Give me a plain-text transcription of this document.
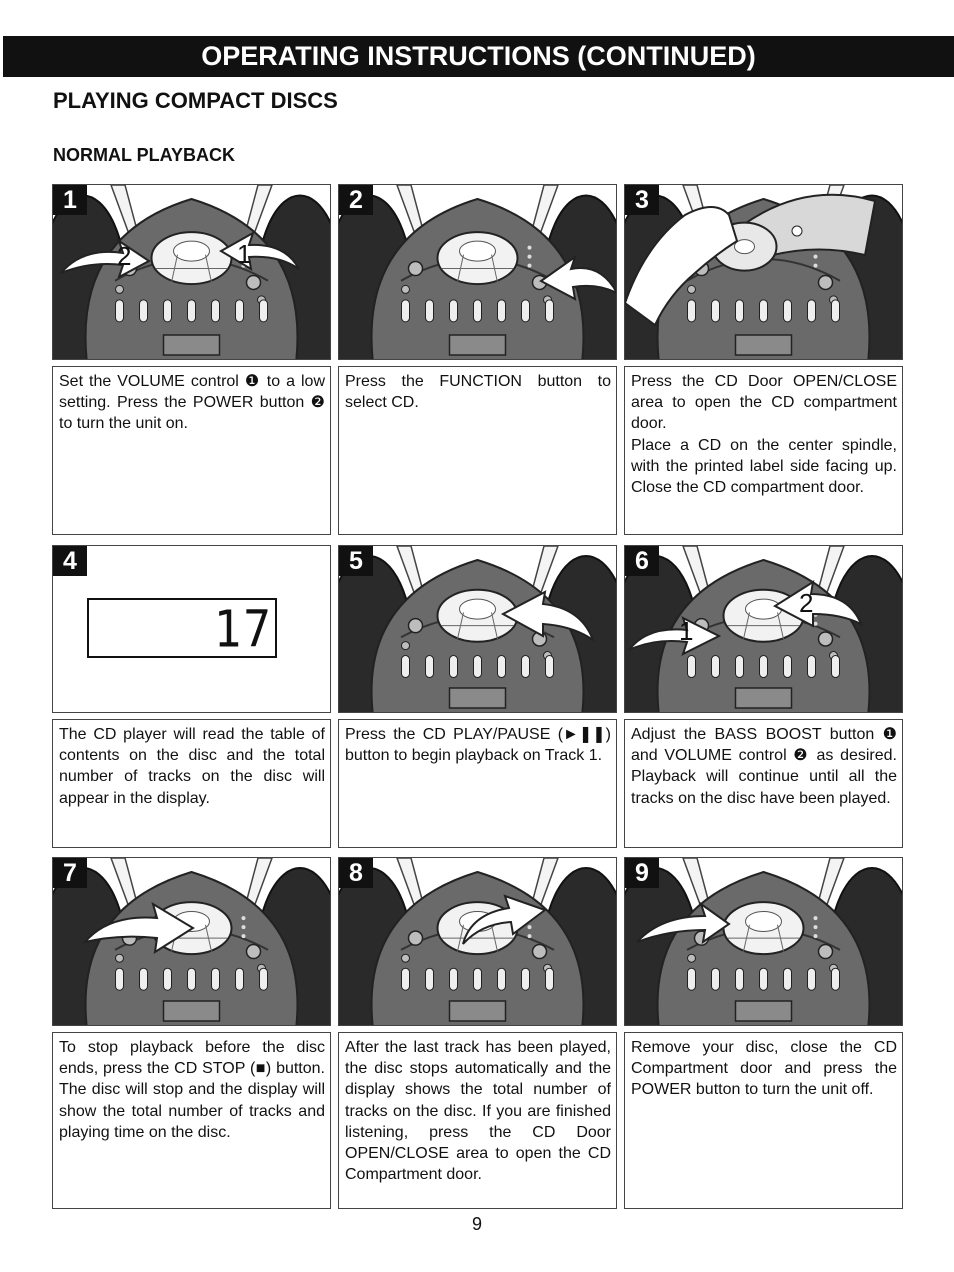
OPERATING INSTRUCTIONS (CONTINUED)
PLAYING COMPACT DISCS
NORMAL PLAYBACK
1
2	1

Set the VOLUME control ❶ to a low setting. Press the POWER button ❷ to turn the unit on.

2

Press the FUNCTION button to select CD.

3

Press the CD Door OPEN/CLOSE area to open the CD compartment door.

Place a CD on the center spindle, with the printed label side facing up. Close the CD compartment door.

4
17

The CD player will read the table of contents on the disc and the total number of tracks on the disc will appear in the display.

5

Press the CD PLAY/PAUSE (►❚❚) button to begin playback on Track 1.

6
1
2

Adjust the BASS BOOST button ❶ and VOLUME control ❷ as desired. Playback will continue until all the tracks on the disc have been played.

7

To stop playback before the disc ends, press the CD STOP (■) button. The disc will stop and the display will show the total number of tracks and playing time on the disc.

8

After the last track has been played, the disc stops automatically and the display shows the total number of tracks on the disc. If you are finished listening, press the CD Door OPEN/CLOSE area to open the CD Compartment door.

9

Remove your disc, close the CD Compartment door and press the POWER button to turn the unit off.

9
